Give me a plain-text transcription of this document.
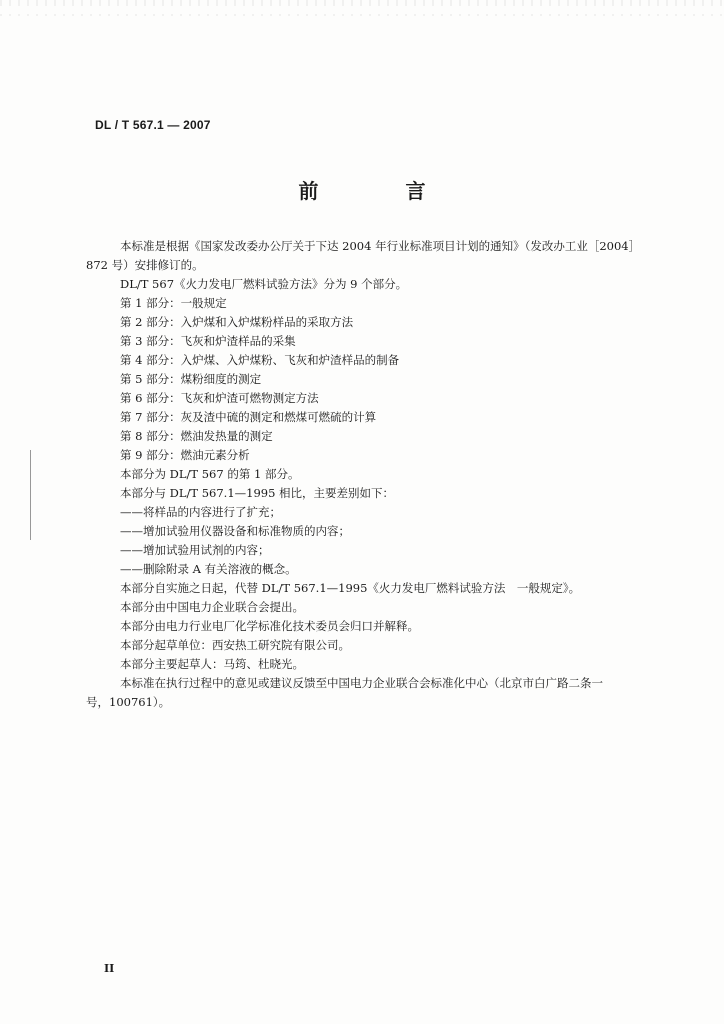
DL / T 567.1 — 2007
前 言
本标准是根据《国家发改委办公厅关于下达 2004 年行业标准项目计划的通知》（发改办工业［2004］
872 号）安排修订的。
DL/T 567《火力发电厂燃料试验方法》分为 9 个部分。
第 1 部分：一般规定
第 2 部分：入炉煤和入炉煤粉样品的采取方法
第 3 部分：飞灰和炉渣样品的采集
第 4 部分：入炉煤、入炉煤粉、飞灰和炉渣样品的制备
第 5 部分：煤粉细度的测定
第 6 部分：飞灰和炉渣可燃物测定方法
第 7 部分：灰及渣中硫的测定和燃煤可燃硫的计算
第 8 部分：燃油发热量的测定
第 9 部分：燃油元素分析
本部分为 DL/T 567 的第 1 部分。
本部分与 DL/T 567.1—1995 相比，主要差别如下：
——将样品的内容进行了扩充；
——增加试验用仪器设备和标准物质的内容；
——增加试验用试剂的内容；
——删除附录 A 有关溶液的概念。
本部分自实施之日起，代替 DL/T 567.1—1995《火力发电厂燃料试验方法　一般规定》。
本部分由中国电力企业联合会提出。
本部分由电力行业电厂化学标准化技术委员会归口并解释。
本部分起草单位：西安热工研究院有限公司。
本部分主要起草人：马筠、杜晓光。
本标准在执行过程中的意见或建议反馈至中国电力企业联合会标准化中心（北京市白广路二条一
号，100761）。
II
